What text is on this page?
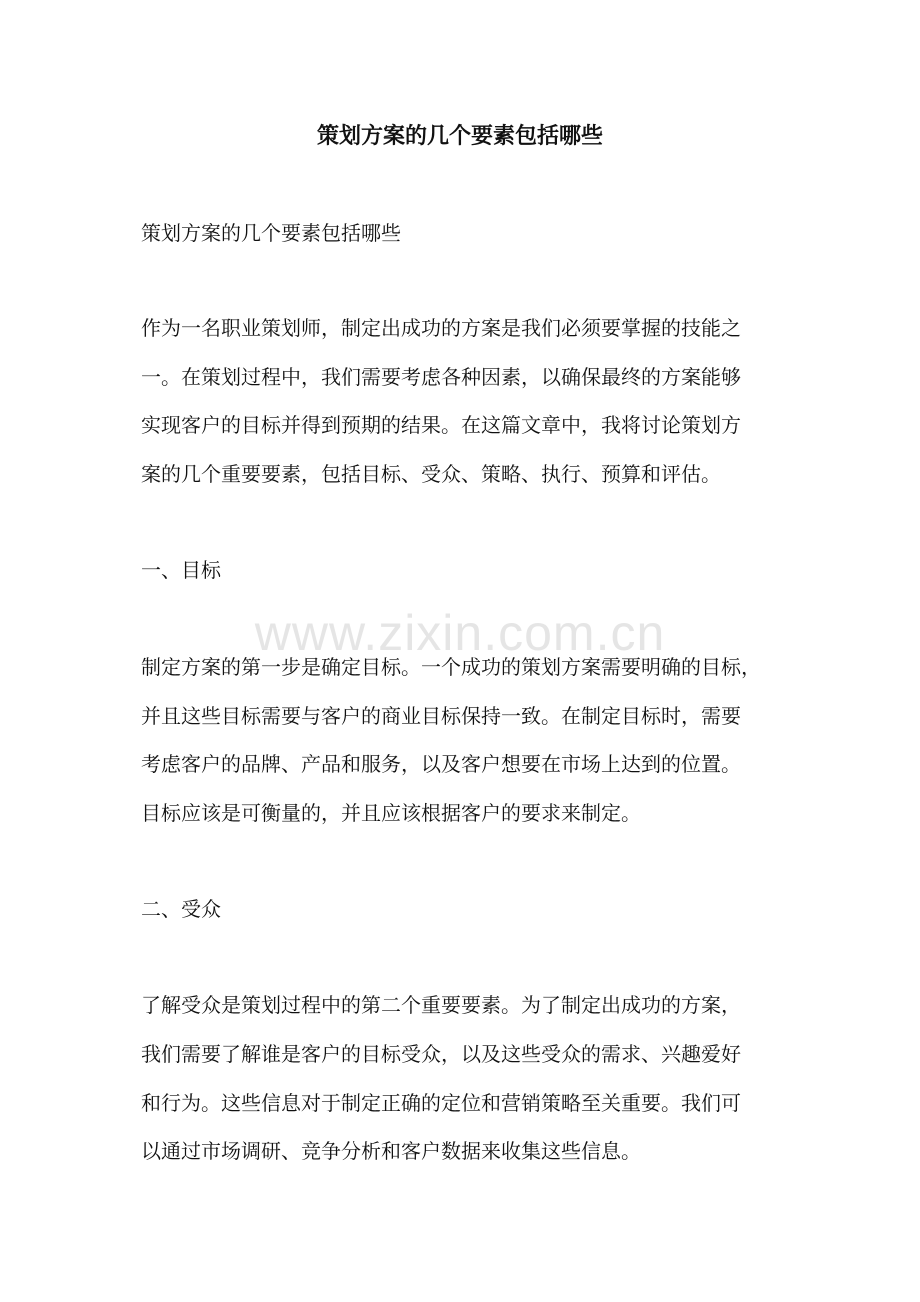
策划方案的几个要素包括哪些

策划方案的几个要素包括哪些

作为一名职业策划师，制定出成功的方案是我们必须要掌握的技能之

一。在策划过程中，我们需要考虑各种因素，以确保最终的方案能够

实现客户的目标并得到预期的结果。在这篇文章中，我将讨论策划方

案的几个重要要素，包括目标、受众、策略、执行、预算和评估。

一、目标

制定方案的第一步是确定目标。一个成功的策划方案需要明确的目标，

并且这些目标需要与客户的商业目标保持一致。在制定目标时，需要

考虑客户的品牌、产品和服务，以及客户想要在市场上达到的位置。

目标应该是可衡量的，并且应该根据客户的要求来制定。

二、受众

了解受众是策划过程中的第二个重要要素。为了制定出成功的方案，

我们需要了解谁是客户的目标受众，以及这些受众的需求、兴趣爱好

和行为。这些信息对于制定正确的定位和营销策略至关重要。我们可

以通过市场调研、竞争分析和客户数据来收集这些信息。

www.zixin.com.cn
